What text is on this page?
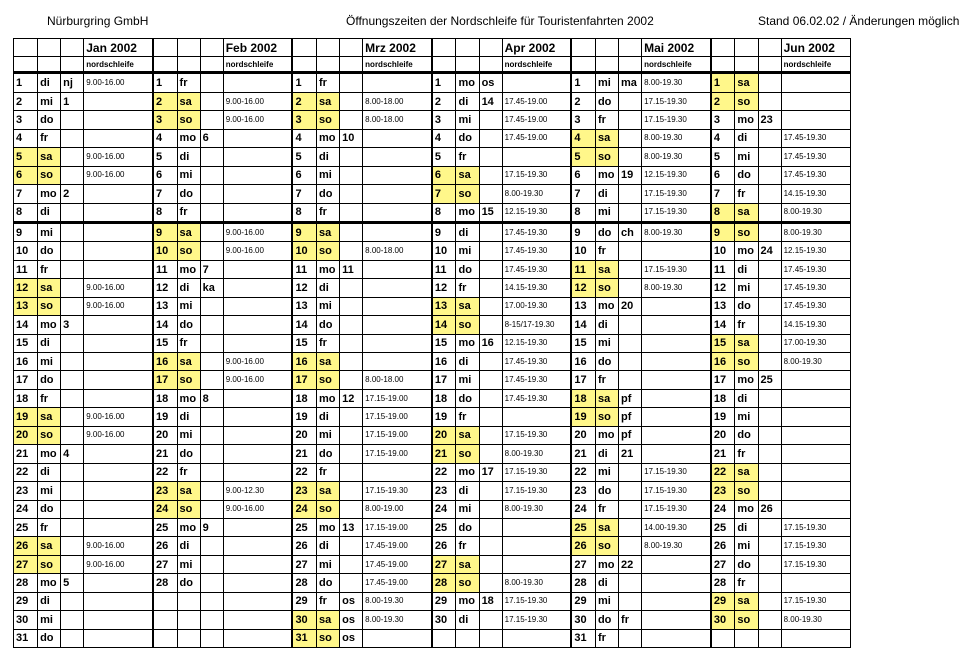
Nürburgring GmbH	Öffnungszeiten der Nordschleife für Touristenfahrten 2002	Stand 06.02.02 / Änderungen möglich
			Jan 2002				Feb 2002				Mrz 2002				Apr 2002				Mai 2002				Jun 2002
			nordschleife				nordschleife				nordschleife				nordschleife				nordschleife				nordschleife
1	di	nj	9.00-16.00	1	fr			1	fr			1	mo	os		1	mi	ma	8.00-19.30	1	sa		
2	mi	1		2	sa		9.00-16.00	2	sa		8.00-18.00	2	di	14	17.45-19.00	2	do		17.15-19.30	2	so		
3	do			3	so		9.00-16.00	3	so		8.00-18.00	3	mi		17.45-19.00	3	fr		17.15-19.30	3	mo	23	
4	fr			4	mo	6		4	mo	10		4	do		17.45-19.00	4	sa		8.00-19.30	4	di		17.45-19.30
5	sa		9.00-16.00	5	di			5	di			5	fr			5	so		8.00-19.30	5	mi		17.45-19.30
6	so		9.00-16.00	6	mi			6	mi			6	sa		17.15-19.30	6	mo	19	12.15-19.30	6	do		17.45-19.30
7	mo	2		7	do			7	do			7	so		8.00-19.30	7	di		17.15-19.30	7	fr		14.15-19.30
8	di			8	fr			8	fr			8	mo	15	12.15-19.30	8	mi		17.15-19.30	8	sa		8.00-19.30
9	mi			9	sa		9.00-16.00	9	sa			9	di		17.45-19.30	9	do	ch	8.00-19.30	9	so		8.00-19.30
10	do			10	so		9.00-16.00	10	so		8.00-18.00	10	mi		17.45-19.30	10	fr			10	mo	24	12.15-19.30
11	fr			11	mo	7		11	mo	11		11	do		17.45-19.30	11	sa		17.15-19.30	11	di		17.45-19.30
12	sa		9.00-16.00	12	di	ka		12	di			12	fr		14.15-19.30	12	so		8.00-19.30	12	mi		17.45-19.30
13	so		9.00-16.00	13	mi			13	mi			13	sa		17.00-19.30	13	mo	20		13	do		17.45-19.30
14	mo	3		14	do			14	do			14	so		8-15/17-19.30	14	di			14	fr		14.15-19.30
15	di			15	fr			15	fr			15	mo	16	12.15-19.30	15	mi			15	sa		17.00-19.30
16	mi			16	sa		9.00-16.00	16	sa			16	di		17.45-19.30	16	do			16	so		8.00-19.30
17	do			17	so		9.00-16.00	17	so		8.00-18.00	17	mi		17.45-19.30	17	fr			17	mo	25	
18	fr			18	mo	8		18	mo	12	17.15-19.00	18	do		17.45-19.30	18	sa	pf		18	di		
19	sa		9.00-16.00	19	di			19	di		17.15-19.00	19	fr			19	so	pf		19	mi		
20	so		9.00-16.00	20	mi			20	mi		17.15-19.00	20	sa		17.15-19.30	20	mo	pf		20	do		
21	mo	4		21	do			21	do		17.15-19.00	21	so		8.00-19.30	21	di	21		21	fr		
22	di			22	fr			22	fr			22	mo	17	17.15-19.30	22	mi		17.15-19.30	22	sa		
23	mi			23	sa		9.00-12.30	23	sa		17.15-19.30	23	di		17.15-19.30	23	do		17.15-19.30	23	so		
24	do			24	so		9.00-16.00	24	so		8.00-19.00	24	mi		8.00-19.30	24	fr		17.15-19.30	24	mo	26	
25	fr			25	mo	9		25	mo	13	17.15-19.00	25	do			25	sa		14.00-19.30	25	di		17.15-19.30
26	sa		9.00-16.00	26	di			26	di		17.45-19.00	26	fr			26	so		8.00-19.30	26	mi		17.15-19.30
27	so		9.00-16.00	27	mi			27	mi		17.45-19.00	27	sa			27	mo	22		27	do		17.15-19.30
28	mo	5		28	do			28	do		17.45-19.00	28	so		8.00-19.30	28	di			28	fr		
29	di							29	fr	os	8.00-19.30	29	mo	18	17.15-19.30	29	mi			29	sa		17.15-19.30
30	mi							30	sa	os	8.00-19.30	30	di		17.15-19.30	30	do	fr		30	so		8.00-19.30
31	do							31	so	os						31	fr						
